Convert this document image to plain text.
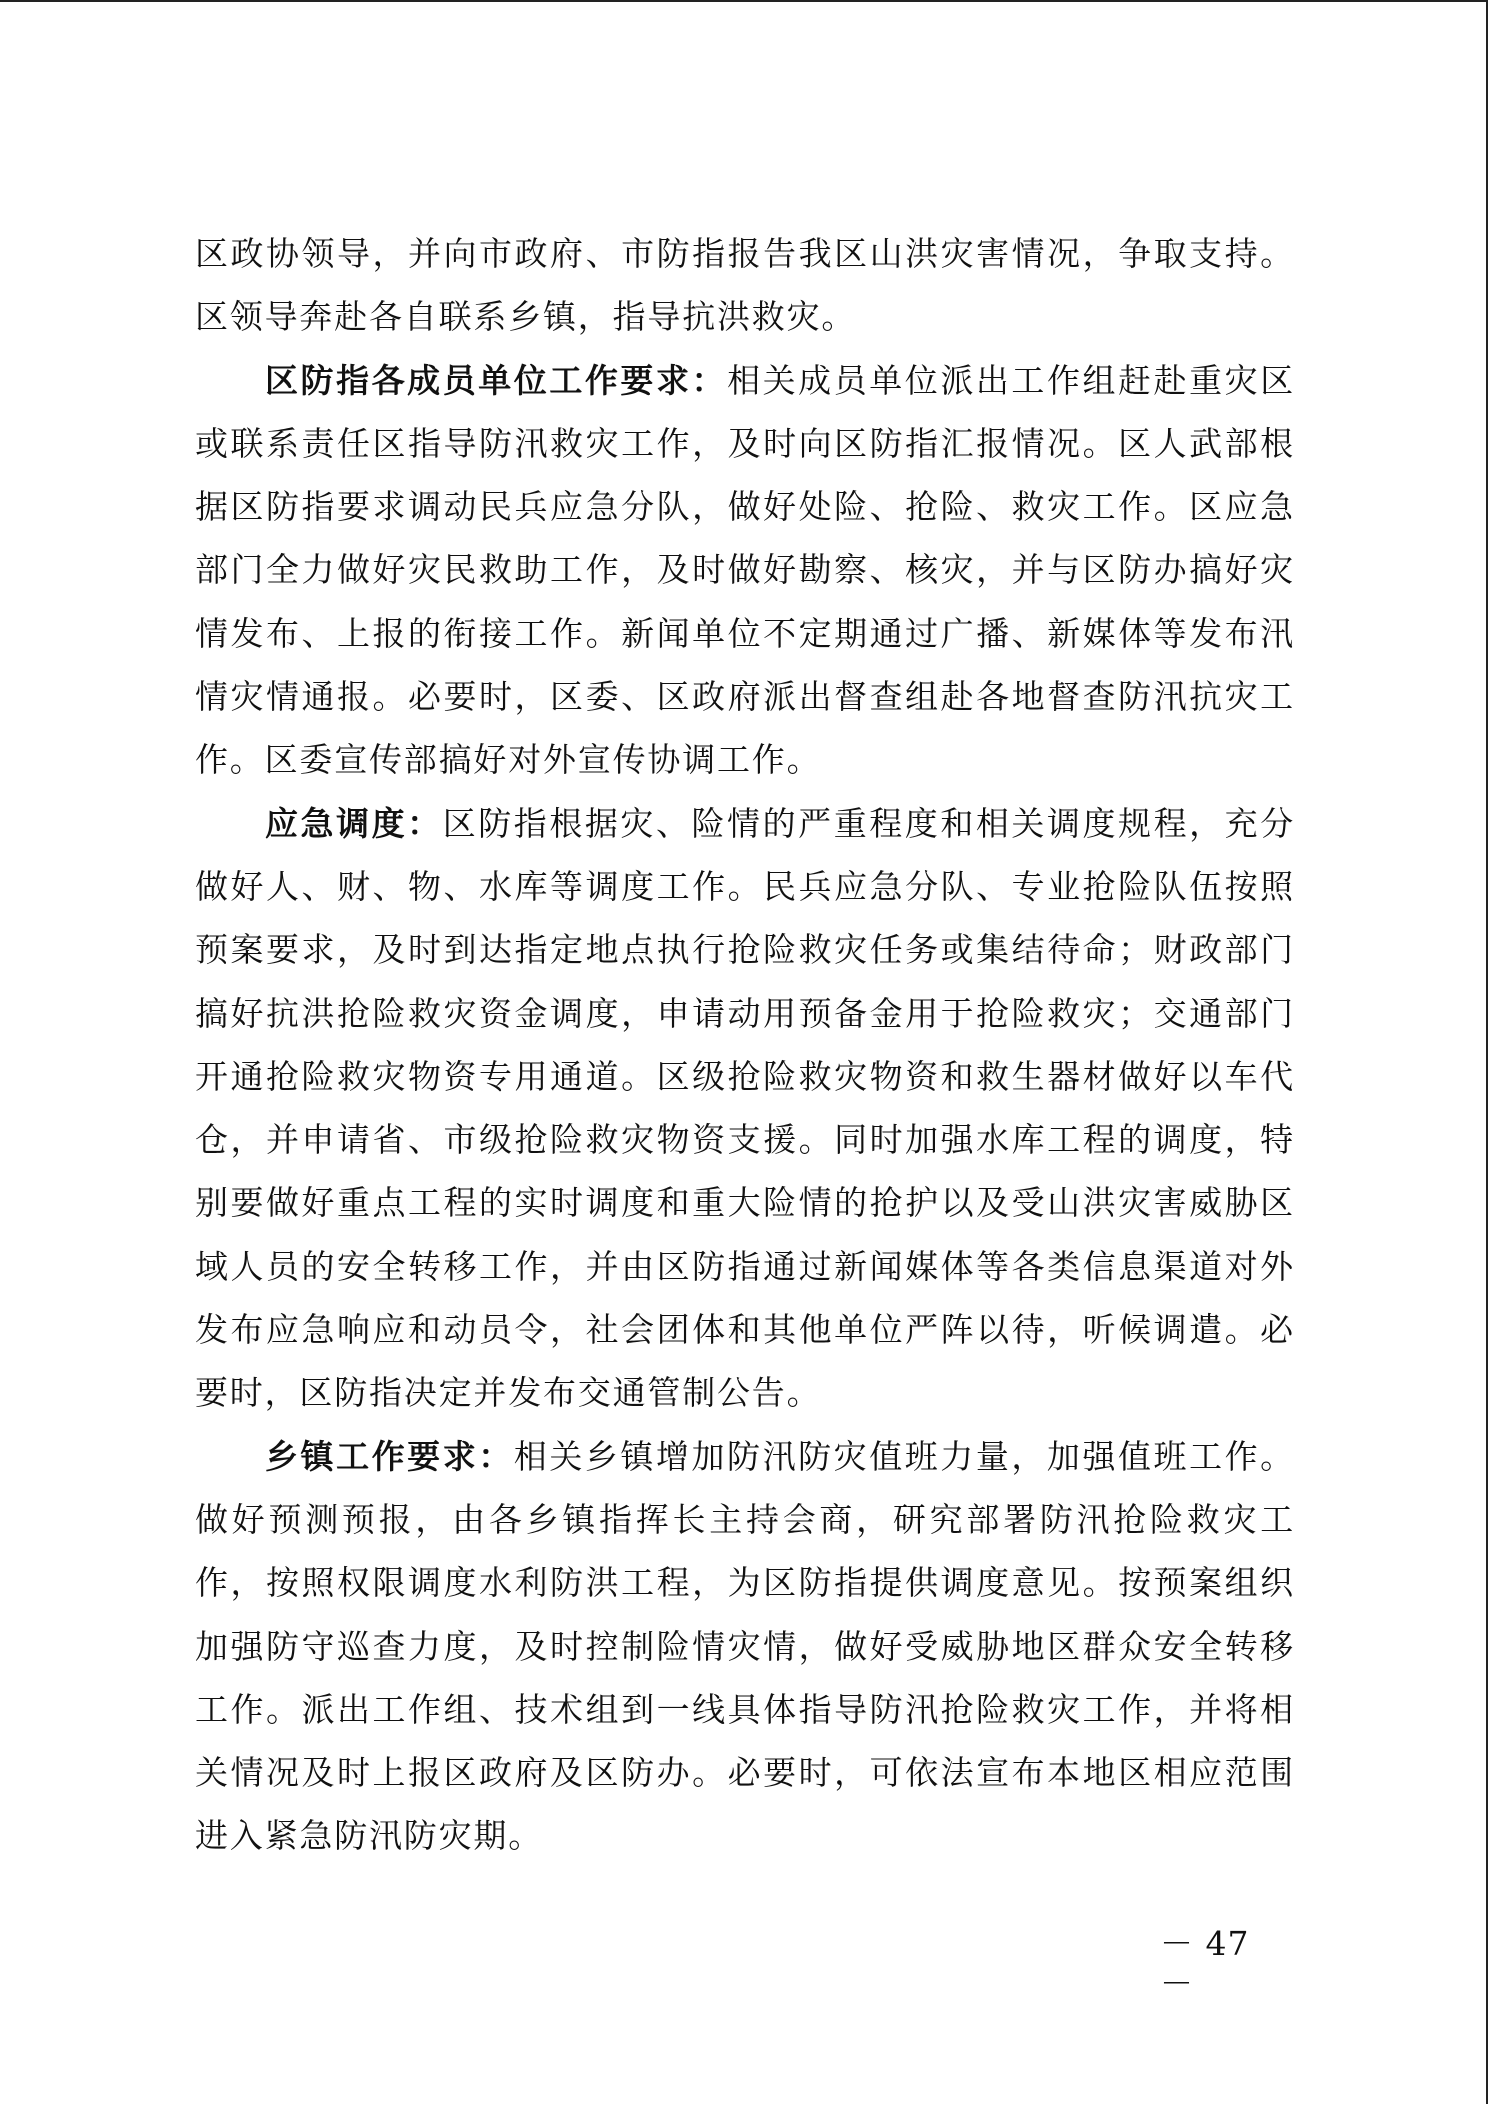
区政协领导，并向市政府、市防指报告我区山洪灾害情况，争取支持。区领导奔赴各自联系乡镇，指导抗洪救灾。

区防指各成员单位工作要求：相关成员单位派出工作组赶赴重灾区或联系责任区指导防汛救灾工作，及时向区防指汇报情况。区人武部根据区防指要求调动民兵应急分队，做好处险、抢险、救灾工作。区应急部门全力做好灾民救助工作，及时做好勘察、核灾，并与区防办搞好灾情发布、上报的衔接工作。新闻单位不定期通过广播、新媒体等发布汛情灾情通报。必要时，区委、区政府派出督查组赴各地督查防汛抗灾工作。区委宣传部搞好对外宣传协调工作。

应急调度：区防指根据灾、险情的严重程度和相关调度规程，充分做好人、财、物、水库等调度工作。民兵应急分队、专业抢险队伍按照预案要求，及时到达指定地点执行抢险救灾任务或集结待命；财政部门搞好抗洪抢险救灾资金调度，申请动用预备金用于抢险救灾；交通部门开通抢险救灾物资专用通道。区级抢险救灾物资和救生器材做好以车代仓，并申请省、市级抢险救灾物资支援。同时加强水库工程的调度，特别要做好重点工程的实时调度和重大险情的抢护以及受山洪灾害威胁区域人员的安全转移工作，并由区防指通过新闻媒体等各类信息渠道对外发布应急响应和动员令，社会团体和其他单位严阵以待，听候调遣。必要时，区防指决定并发布交通管制公告。

乡镇工作要求：相关乡镇增加防汛防灾值班力量，加强值班工作。做好预测预报，由各乡镇指挥长主持会商，研究部署防汛抢险救灾工作，按照权限调度水利防洪工程，为区防指提供调度意见。按预案组织加强防守巡查力度，及时控制险情灾情，做好受威胁地区群众安全转移工作。派出工作组、技术组到一线具体指导防汛抢险救灾工作，并将相关情况及时上报区政府及区防办。必要时，可依法宣布本地区相应范围进入紧急防汛防灾期。

－ 47 －
